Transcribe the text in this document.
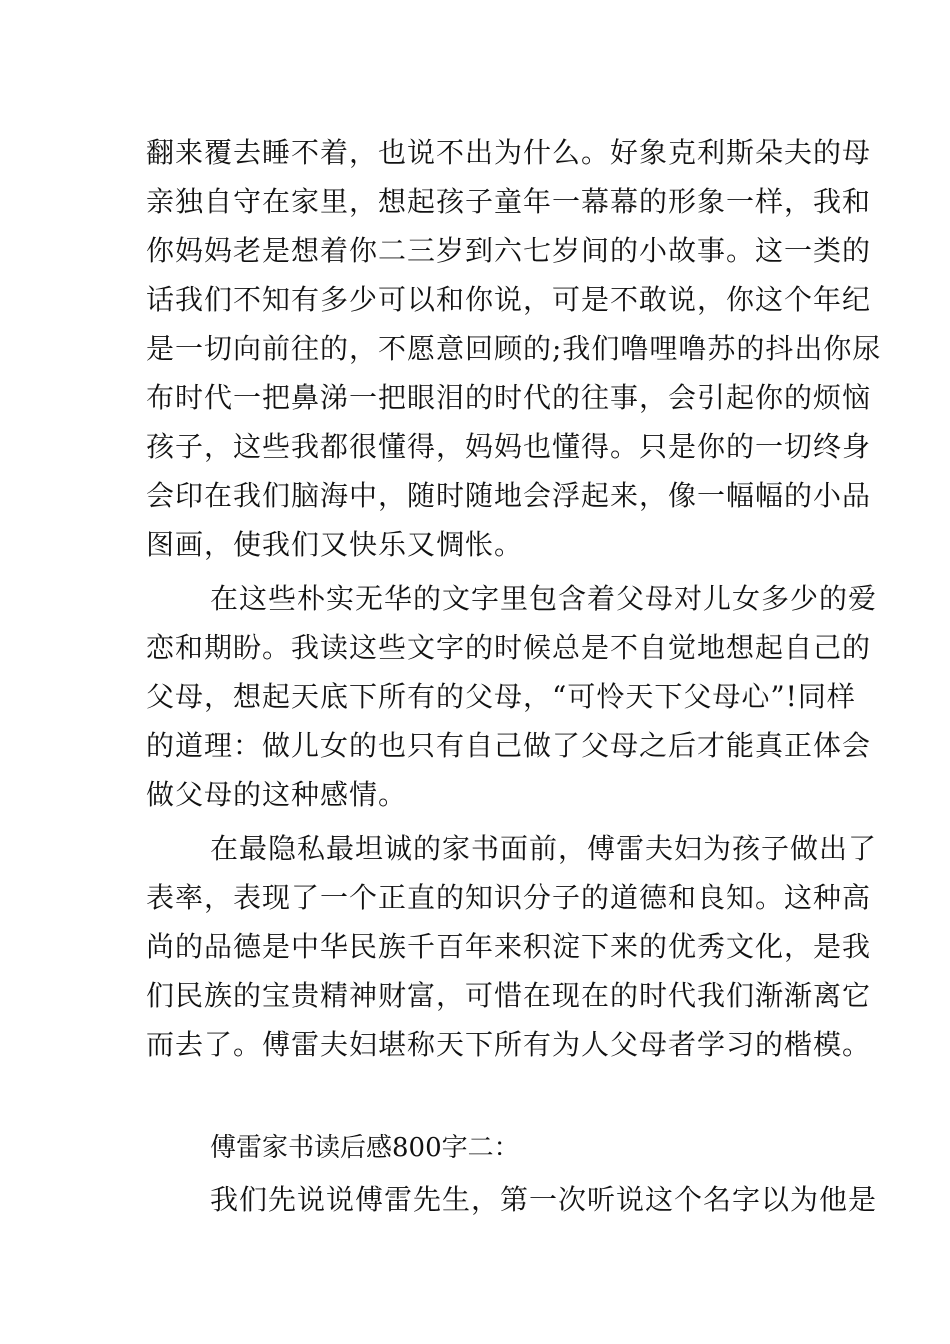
翻来覆去睡不着，也说不出为什么。好象克利斯朵夫的母

亲独自守在家里，想起孩子童年一幕幕的形象一样，我和

你妈妈老是想着你二三岁到六七岁间的小故事。这一类的

话我们不知有多少可以和你说，可是不敢说，你这个年纪

是一切向前往的，不愿意回顾的;我们噜哩噜苏的抖出你尿

布时代一把鼻涕一把眼泪的时代的往事，会引起你的烦恼

孩子，这些我都很懂得，妈妈也懂得。只是你的一切终身

会印在我们脑海中，随时随地会浮起来，像一幅幅的小品

图画，使我们又快乐又惆怅。

在这些朴实无华的文字里包含着父母对儿女多少的爱

恋和期盼。我读这些文字的时候总是不自觉地想起自己的

父母，想起天底下所有的父母，“可怜天下父母心”!同样

的道理：做儿女的也只有自己做了父母之后才能真正体会

做父母的这种感情。

在最隐私最坦诚的家书面前，傅雷夫妇为孩子做出了

表率，表现了一个正直的知识分子的道德和良知。这种高

尚的品德是中华民族千百年来积淀下来的优秀文化，是我

们民族的宝贵精神财富，可惜在现在的时代我们渐渐离它

而去了。傅雷夫妇堪称天下所有为人父母者学习的楷模。

傅雷家书读后感800字二：
我们先说说傅雷先生，第一次听说这个名字以为他是
